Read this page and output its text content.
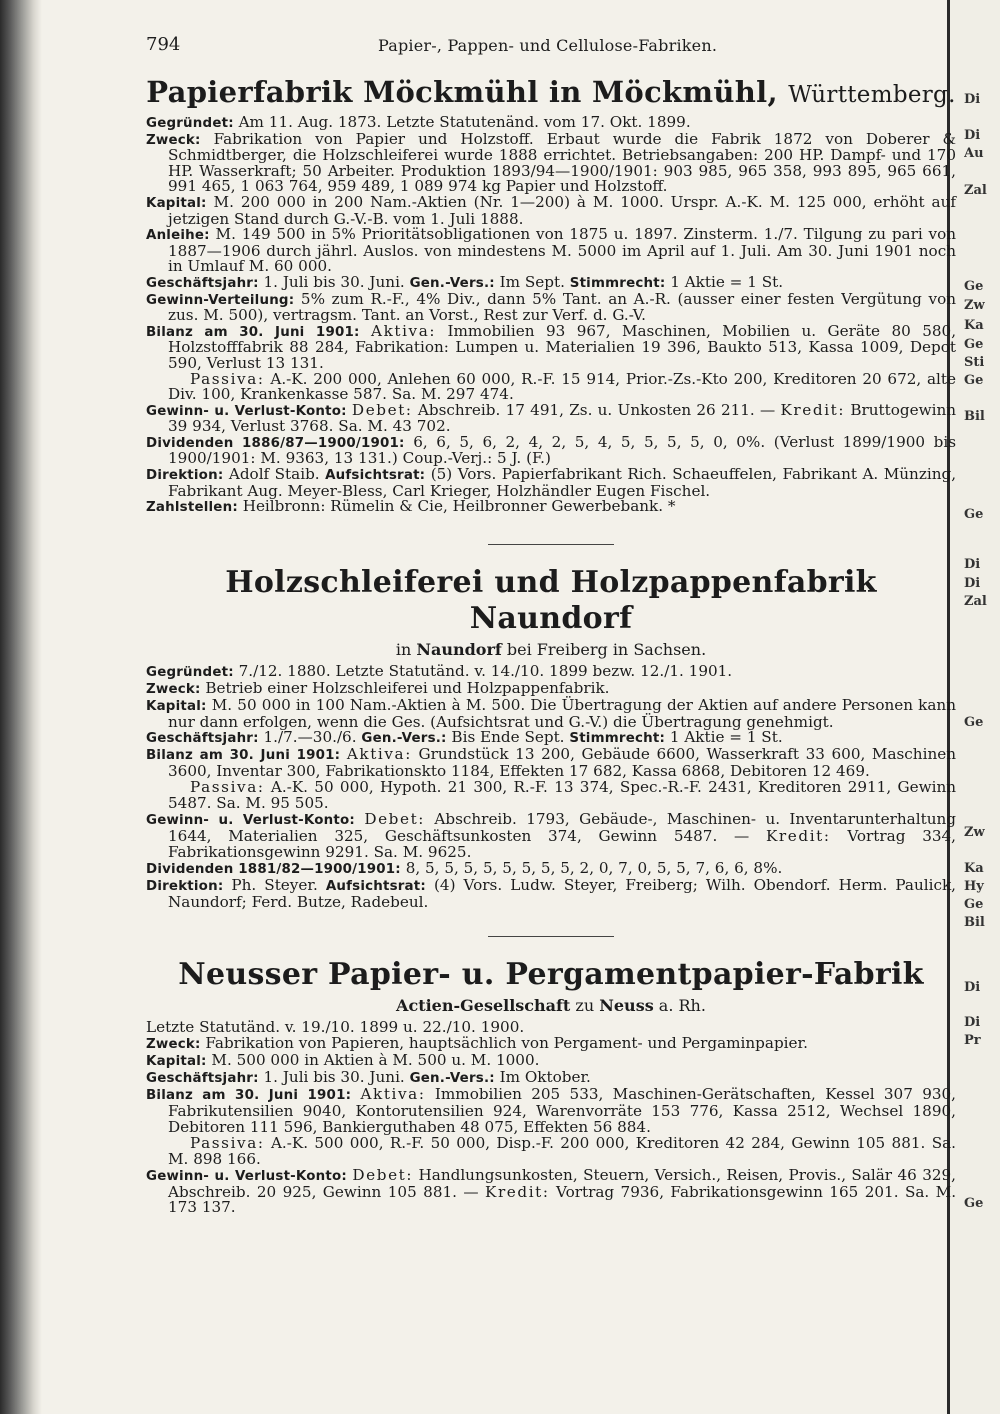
Di
Di
Au
Zal
Ge
Zw
Ka
Ge
Sti
Ge
Bil
Ge
Di
Di
Zal
Ge
Zw
Ka
Hy
Ge
Bil
Di
Di
Pr
Ge
794	Papier-, Pappen- und Cellulose-Fabriken.
Papierfabrik Möckmühl in Möckmühl, Württemberg.

Gegründet: Am 11. Aug. 1873. Letzte Statutenänd. vom 17. Okt. 1899.

Zweck: Fabrikation von Papier und Holzstoff. Erbaut wurde die Fabrik 1872 von Doberer & Schmidtberger, die Holzschleiferei wurde 1888 errichtet. Betriebsangaben: 200 HP. Dampf- und 170 HP. Wasserkraft; 50 Arbeiter. Produktion 1893/94—1900/1901: 903 985, 965 358, 993 895, 965 661, 991 465, 1 063 764, 959 489, 1 089 974 kg Papier und Holzstoff.

Kapital: M. 200 000 in 200 Nam.-Aktien (Nr. 1—200) à M. 1000. Urspr. A.-K. M. 125 000, erhöht auf jetzigen Stand durch G.-V.-B. vom 1. Juli 1888.

Anleihe: M. 149 500 in 5% Prioritätsobligationen von 1875 u. 1897. Zinsterm. 1./7. Tilgung zu pari von 1887—1906 durch jährl. Auslos. von mindestens M. 5000 im April auf 1. Juli. Am 30. Juni 1901 noch in Umlauf M. 60 000.

Geschäftsjahr: 1. Juli bis 30. Juni. Gen.-Vers.: Im Sept. Stimmrecht: 1 Aktie = 1 St.

Gewinn-Verteilung: 5% zum R.-F., 4% Div., dann 5% Tant. an A.-R. (ausser einer festen Vergütung von zus. M. 500), vertragsm. Tant. an Vorst., Rest zur Verf. d. G.-V.

Bilanz am 30. Juni 1901: Aktiva: Immobilien 93 967, Maschinen, Mobilien u. Geräte 80 580, Holzstofffabrik 88 284, Fabrikation: Lumpen u. Materialien 19 396, Baukto 513, Kassa 1009, Depot 590, Verlust 13 131.

Passiva: A.-K. 200 000, Anlehen 60 000, R.-F. 15 914, Prior.-Zs.-Kto 200, Kreditoren 20 672, alte Div. 100, Krankenkasse 587. Sa. M. 297 474.

Gewinn- u. Verlust-Konto: Debet: Abschreib. 17 491, Zs. u. Unkosten 26 211. — Kredit: Bruttogewinn 39 934, Verlust 3768. Sa. M. 43 702.

Dividenden 1886/87—1900/1901: 6, 6, 5, 6, 2, 4, 2, 5, 4, 5, 5, 5, 5, 0, 0%. (Verlust 1899/1900 bis 1900/1901: M. 9363, 13 131.) Coup.-Verj.: 5 J. (F.)

Direktion: Adolf Staib. Aufsichtsrat: (5) Vors. Papierfabrikant Rich. Schaeuffelen, Fabrikant A. Münzing, Fabrikant Aug. Meyer-Bless, Carl Krieger, Holzhändler Eugen Fischel.

Zahlstellen: Heilbronn: Rümelin & Cie, Heilbronner Gewerbebank. *

Holzschleiferei und Holzpappenfabrik Naundorf
in Naundorf bei Freiberg in Sachsen.

Gegründet: 7./12. 1880. Letzte Statutänd. v. 14./10. 1899 bezw. 12./1. 1901.

Zweck: Betrieb einer Holzschleiferei und Holzpappenfabrik.

Kapital: M. 50 000 in 100 Nam.-Aktien à M. 500. Die Übertragung der Aktien auf andere Personen kann nur dann erfolgen, wenn die Ges. (Aufsichtsrat und G.-V.) die Übertragung genehmigt.

Geschäftsjahr: 1./7.—30./6. Gen.-Vers.: Bis Ende Sept. Stimmrecht: 1 Aktie = 1 St.

Bilanz am 30. Juni 1901: Aktiva: Grundstück 13 200, Gebäude 6600, Wasserkraft 33 600, Maschinen 3600, Inventar 300, Fabrikationskto 1184, Effekten 17 682, Kassa 6868, Debitoren 12 469.

Passiva: A.-K. 50 000, Hypoth. 21 300, R.-F. 13 374, Spec.-R.-F. 2431, Kreditoren 2911, Gewinn 5487. Sa. M. 95 505.

Gewinn- u. Verlust-Konto: Debet: Abschreib. 1793, Gebäude-, Maschinen- u. Inventarunterhaltung 1644, Materialien 325, Geschäftsunkosten 374, Gewinn 5487. — Kredit: Vortrag 334, Fabrikationsgewinn 9291. Sa. M. 9625.

Dividenden 1881/82—1900/1901: 8, 5, 5, 5, 5, 5, 5, 5, 5, 2, 0, 7, 0, 5, 5, 7, 6, 6, 8%.

Direktion: Ph. Steyer. Aufsichtsrat: (4) Vors. Ludw. Steyer, Freiberg; Wilh. Obendorf. Herm. Paulick, Naundorf; Ferd. Butze, Radebeul.

Neusser Papier- u. Pergamentpapier-Fabrik
Actien-Gesellschaft zu Neuss a. Rh.

Letzte Statutänd. v. 19./10. 1899 u. 22./10. 1900.

Zweck: Fabrikation von Papieren, hauptsächlich von Pergament- und Pergaminpapier.

Kapital: M. 500 000 in Aktien à M. 500 u. M. 1000.

Geschäftsjahr: 1. Juli bis 30. Juni. Gen.-Vers.: Im Oktober.

Bilanz am 30. Juni 1901: Aktiva: Immobilien 205 533, Maschinen-Gerätschaften, Kessel 307 930, Fabrikutensilien 9040, Kontorutensilien 924, Warenvorräte 153 776, Kassa 2512, Wechsel 1890, Debitoren 111 596, Bankierguthaben 48 075, Effekten 56 884.

Passiva: A.-K. 500 000, R.-F. 50 000, Disp.-F. 200 000, Kreditoren 42 284, Gewinn 105 881. Sa. M. 898 166.

Gewinn- u. Verlust-Konto: Debet: Handlungsunkosten, Steuern, Versich., Reisen, Provis., Salär 46 329, Abschreib. 20 925, Gewinn 105 881. — Kredit: Vortrag 7936, Fabrikationsgewinn 165 201. Sa. M. 173 137.
